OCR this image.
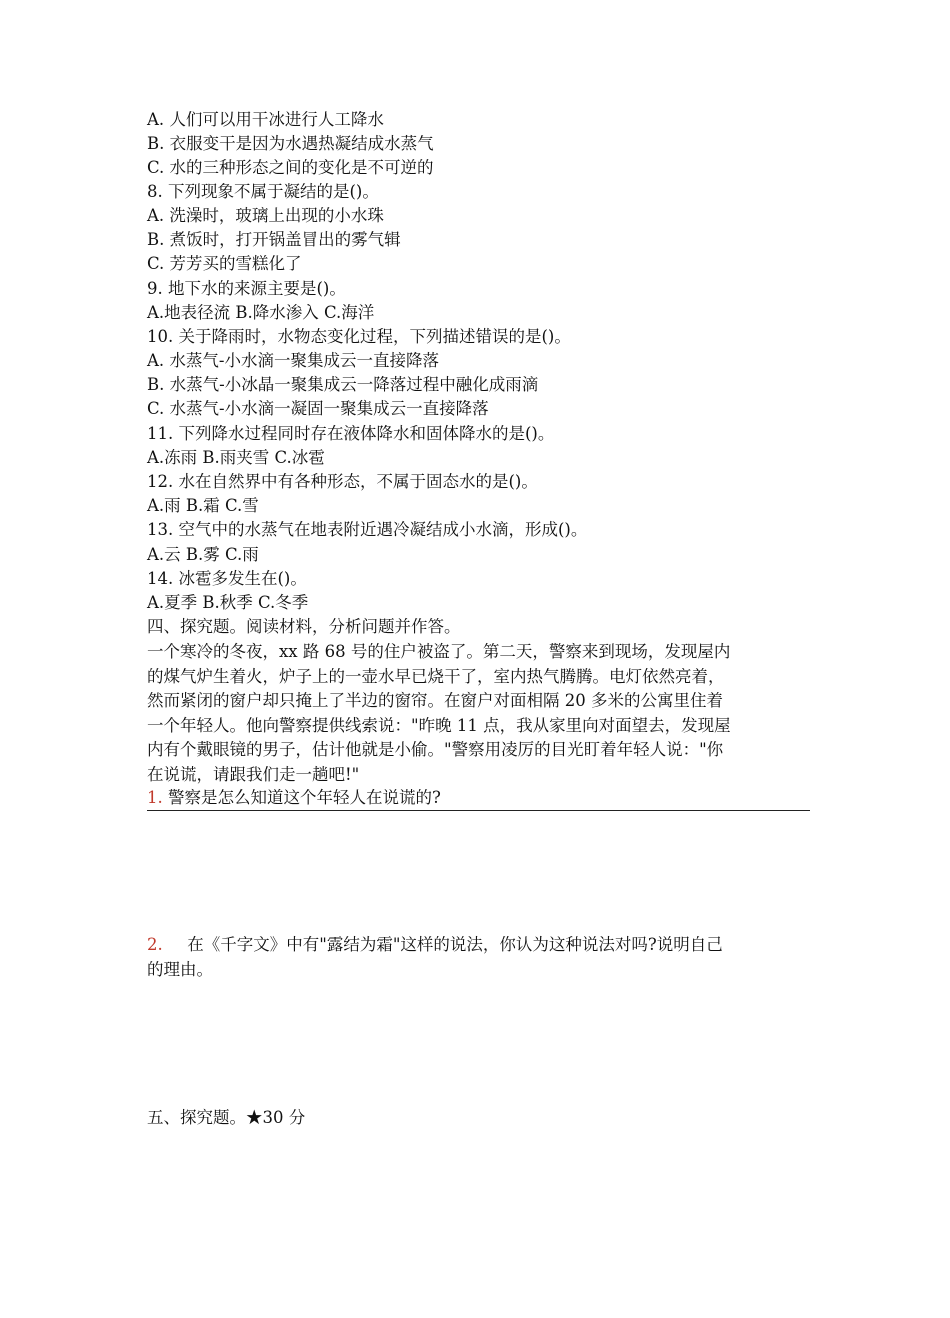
A. 人们可以用干冰进行人工降水
B. 衣服变干是因为水遇热凝结成水蒸气
C. 水的三种形态之间的变化是不可逆的
8. 下列现象不属于凝结的是()。
A. 洗澡时，玻璃上出现的小水珠
B. 煮饭时，打开锅盖冒出的雾气辑
C. 芳芳买的雪糕化了
9. 地下水的来源主要是()。
A.地表径流 B.降水渗入 C.海洋
10. 关于降雨时，水物态变化过程，下列描述错误的是()。
A. 水蒸气-小水滴一聚集成云一直接降落
B. 水蒸气-小冰晶一聚集成云一降落过程中融化成雨滴
C. 水蒸气-小水滴一凝固一聚集成云一直接降落
11. 下列降水过程同时存在液体降水和固体降水的是()。
A.冻雨 B.雨夹雪 C.冰雹
12. 水在自然界中有各种形态，不属于固态水的是()。
A.雨 B.霜 C.雪
13. 空气中的水蒸气在地表附近遇冷凝结成小水滴，形成()。
A.云 B.雾 C.雨
14. 冰雹多发生在()。
A.夏季 B.秋季 C.冬季
四、探究题。阅读材料，分析问题并作答。

一个寒冷的冬夜，xx 路 68 号的住户被盗了。第二天，警察来到现场，发现屋内

的煤气炉生着火，炉子上的一壶水早已烧干了，室内热气腾腾。电灯依然亮着，

然而紧闭的窗户却只掩上了半边的窗帘。在窗户对面相隔 20 多米的公寓里住着

一个年轻人。他向警察提供线索说："昨晚 11 点，我从家里向对面望去，发现屋

内有个戴眼镜的男子，估计他就是小偷。"警察用凌厉的目光盯着年轻人说："你

在说谎，请跟我们走一趟吧!"

1. 警察是怎么知道这个年轻人在说谎的?
2. 在《千字文》中有"露结为霜"这样的说法，你认为这种说法对吗?说明自己
的理由。
五、探究题。★30 分
